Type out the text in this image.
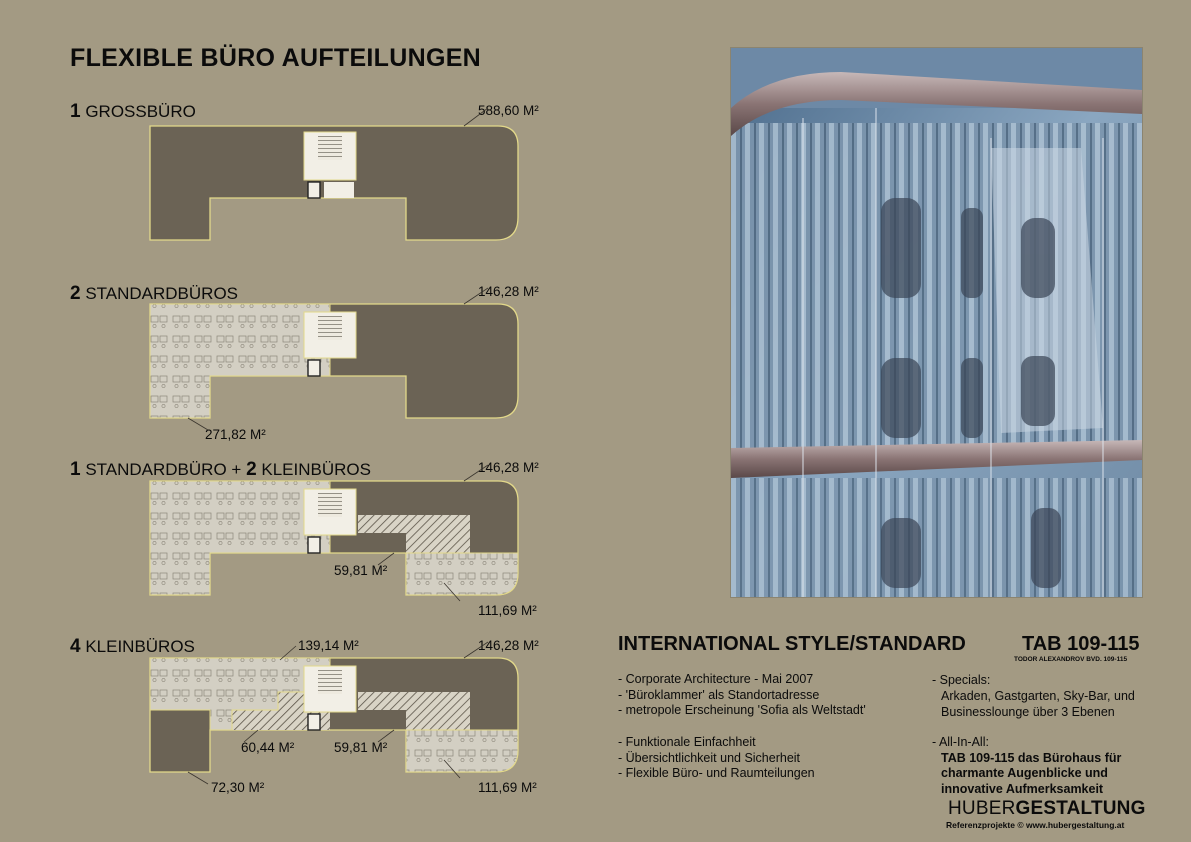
FLEXIBLE BÜRO AUFTEILUNGEN
1 GROSSBÜRO	588,60 M²
2 STANDARDBÜROS	146,28 M²
271,82 M²
1 STANDARDBÜRO + 2 KLEINBÜROS	146,28 M²
59,81 M²
111,69 M²
4 KLEINBÜROS	139,14 M²	146,28 M²
60,44 M²	59,81 M²
72,30 M²	111,69 M²
INTERNATIONAL STYLE/STANDARD	TAB 109-115
TODOR ALEXANDROV BVD. 109-115
- Corporate Architecture - Mai 2007
- 'Büroklammer' als Standortadresse
- metropole Erscheinung 'Sofia als Weltstadt'
- Funktionale Einfachheit
- Übersichtlichkeit und Sicherheit
- Flexible Büro- und Raumteilungen
- Specials:
Arkaden, Gastgarten, Sky-Bar, und
Businesslounge über 3 Ebenen
- All-In-All:
TAB 109-115 das Bürohaus für
charmante Augenblicke und
innovative Aufmerksamkeit
HUBERGESTALTUNG
Referenzprojekte © www.hubergestaltung.at
